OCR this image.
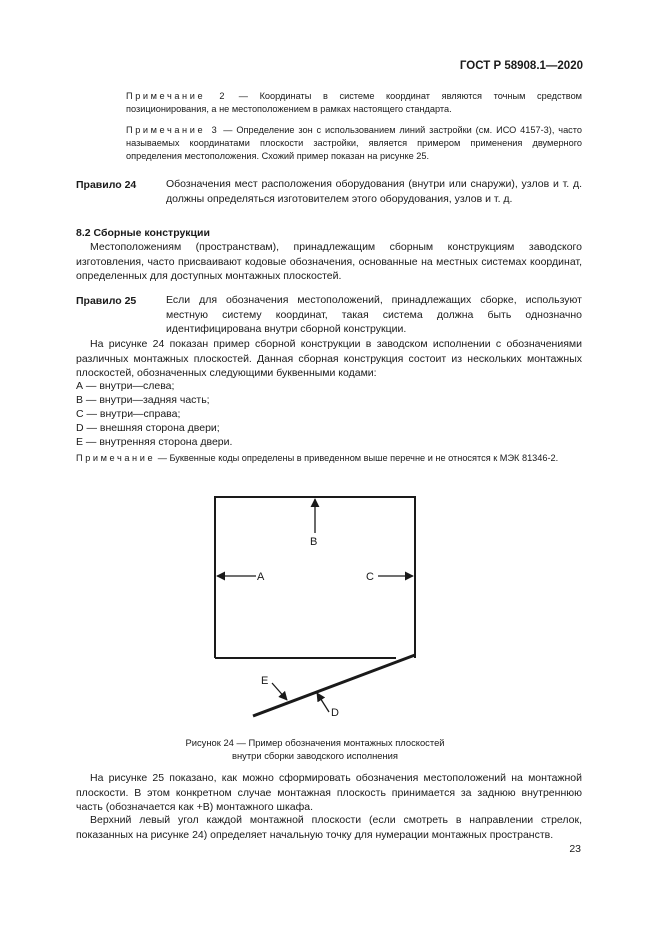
ГОСТ Р 58908.1—2020
Примечание 2 — Координаты в системе координат являются точным средством позиционирования, а не местоположением в рамках настоящего стандарта.
Примечание 3 — Определение зон с использованием линий застройки (см. ИСО 4157-3), часто называемых координатами плоскости застройки, является примером применения двумерного определения местоположения. Схожий пример показан на рисунке 25.
Правило 24	Обозначения мест расположения оборудования (внутри или снаружи), узлов и т. д. должны определяться изготовителем этого оборудования, узлов и т. д.
8.2 Сборные конструкции
Местоположениям (пространствам), принадлежащим сборным конструкциям заводского изготовления, часто присваивают кодовые обозначения, основанные на местных системах координат, определенных для доступных монтажных плоскостей.
Правило 25	Если для обозначения местоположений, принадлежащих сборке, используют местную систему координат, такая система должна быть однозначно идентифицирована внутри сборной конструкции.
На рисунке 24 показан пример сборной конструкции в заводском исполнении с обозначениями различных монтажных плоскостей. Данная сборная конструкция состоит из нескольких монтажных плоскостей, обозначенных следующими буквенными кодами:
А — внутри—слева;
В — внутри—задняя часть;
С — внутри—справа;
D — внешняя сторона двери;
Е — внутренняя сторона двери.
Примечание — Буквенные коды определены в приведенном выше перечне и не относятся к МЭК 81346-2.
B
A	C
E
D
Рисунок 24 — Пример обозначения монтажных плоскостей
внутри сборки заводского исполнения
На рисунке 25 показано, как можно сформировать обозначения местоположений на монтажной плоскости. В этом конкретном случае монтажная плоскость принимается за заднюю внутреннюю часть (обозначается как +B) монтажного шкафа.
Верхний левый угол каждой монтажной плоскости (если смотреть в направлении стрелок, показанных на рисунке 24) определяет начальную точку для нумерации монтажных пространств.
23
